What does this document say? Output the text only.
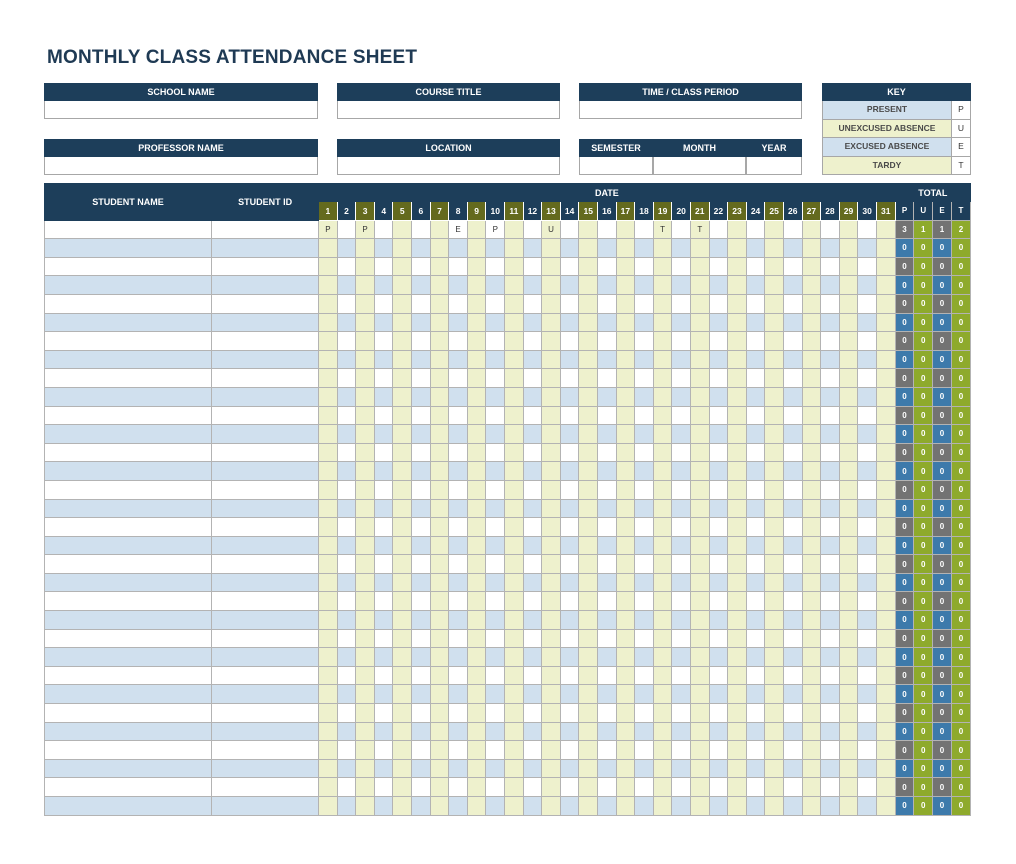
MONTHLY CLASS ATTENDANCE SHEET
SCHOOL NAME	COURSE TITLE	TIME / CLASS PERIOD
PROFESSOR NAME	LOCATION	SEMESTER	MONTH	YEAR
KEY
PRESENT	P
UNEXCUSED ABSENCE	U
EXCUSED ABSENCE	E
TARDY	T
STUDENT NAME	STUDENT ID	DATE																															TOTAL			
		1	2	3	4	5	6	7	8	9	10	11	12	13	14	15	16	17	18	19	20	21	22	23	24	25	26	27	28	29	30	31	P	U	E	T
		P		P					E		P			U						T		T											3	1	1	2
																																	0	0	0	0
																																	0	0	0	0
																																	0	0	0	0
																																	0	0	0	0
																																	0	0	0	0
																																	0	0	0	0
																																	0	0	0	0
																																	0	0	0	0
																																	0	0	0	0
																																	0	0	0	0
																																	0	0	0	0
																																	0	0	0	0
																																	0	0	0	0
																																	0	0	0	0
																																	0	0	0	0
																																	0	0	0	0
																																	0	0	0	0
																																	0	0	0	0
																																	0	0	0	0
																																	0	0	0	0
																																	0	0	0	0
																																	0	0	0	0
																																	0	0	0	0
																																	0	0	0	0
																																	0	0	0	0
																																	0	0	0	0
																																	0	0	0	0
																																	0	0	0	0
																																	0	0	0	0
																																	0	0	0	0
																																	0	0	0	0
